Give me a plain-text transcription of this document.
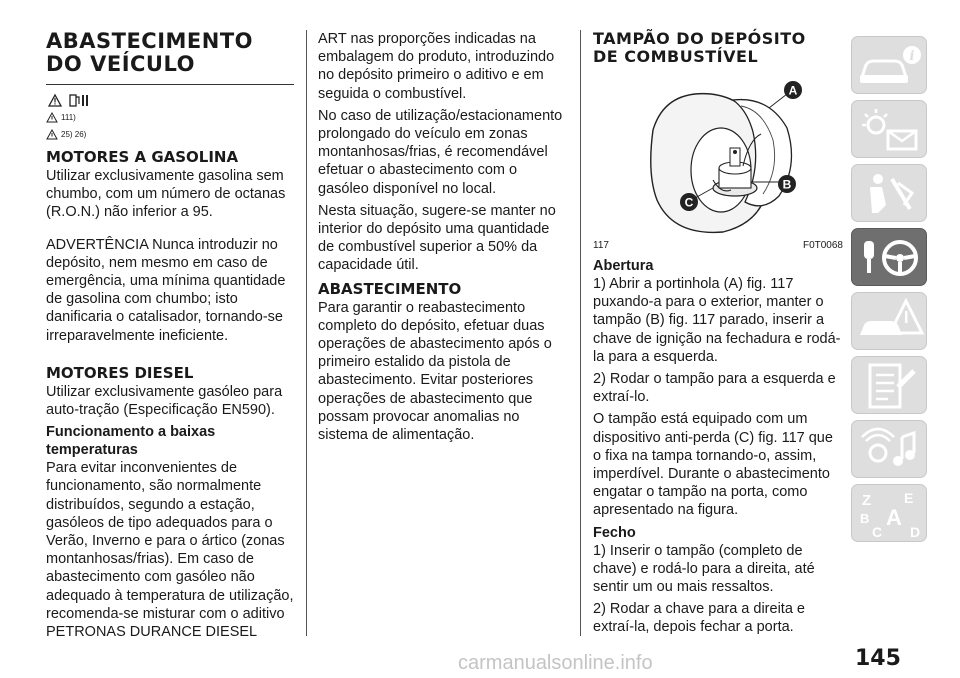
ABASTECIMENTO
DO VEÍCULO
111)
25) 26)
MOTORES A GASOLINA

Utilizar exclusivamente gasolina sem chumbo, com um número de octanas (R.O.N.) não inferior a 95.

ADVERTÊNCIA Nunca introduzir no depósito, nem mesmo em caso de emergência, uma mínima quantidade de gasolina com chumbo; isto danificaria o catalisador, tornando-se irreparavelmente ineficiente.

MOTORES DIESEL

Utilizar exclusivamente gasóleo para auto-tração (Especificação EN590).

Funcionamento a baixas temperaturas

Para evitar inconvenientes de funcionamento, são normalmente distribuídos, segundo a estação, gasóleos de tipo adequados para o Verão, Inverno e para o ártico (zonas montanhosas/frias). Em caso de abastecimento com gasóleo não adequado à temperatura de utilização, recomenda-se misturar com o aditivo PETRONAS DURANCE DIESEL

ART nas proporções indicadas na embalagem do produto, introduzindo no depósito primeiro o aditivo e em seguida o combustível.

No caso de utilização/estacionamento prolongado do veículo em zonas montanhosas/frias, é recomendável efetuar o abastecimento com o gasóleo disponível no local.

Nesta situação, sugere-se manter no interior do depósito uma quantidade de combustível superior a 50% da capacidade útil.

ABASTECIMENTO

Para garantir o reabastecimento completo do depósito, efetuar duas operações de abastecimento após o primeiro estalido da pistola de abastecimento. Evitar posteriores operações de abastecimento que possam provocar anomalias no sistema de alimentação.

TAMPÃO DO DEPÓSITO
DE COMBUSTÍVEL
A
B
C
117	F0T0068
Abertura

1) Abrir a portinhola (A) fig. 117 puxando-a para o exterior, manter o tampão (B) fig. 117 parado, inserir a chave de ignição na fechadura e rodá-la para a esquerda.

2) Rodar o tampão para a esquerda e extraí-lo.

O tampão está equipado com um dispositivo anti-perda (C) fig. 117 que o fixa na tampa tornando-o, assim, imperdível. Durante o abastecimento engatar o tampão na porta, como apresentado na figura.

Fecho

1) Inserir o tampão (completo de chave) e rodá-lo para a direita, até sentir um ou mais ressaltos.

2) Rodar a chave para a direita e extraí-la, depois fechar a porta.

i
Z E
B A
C D
carmanualsonline.info	145
